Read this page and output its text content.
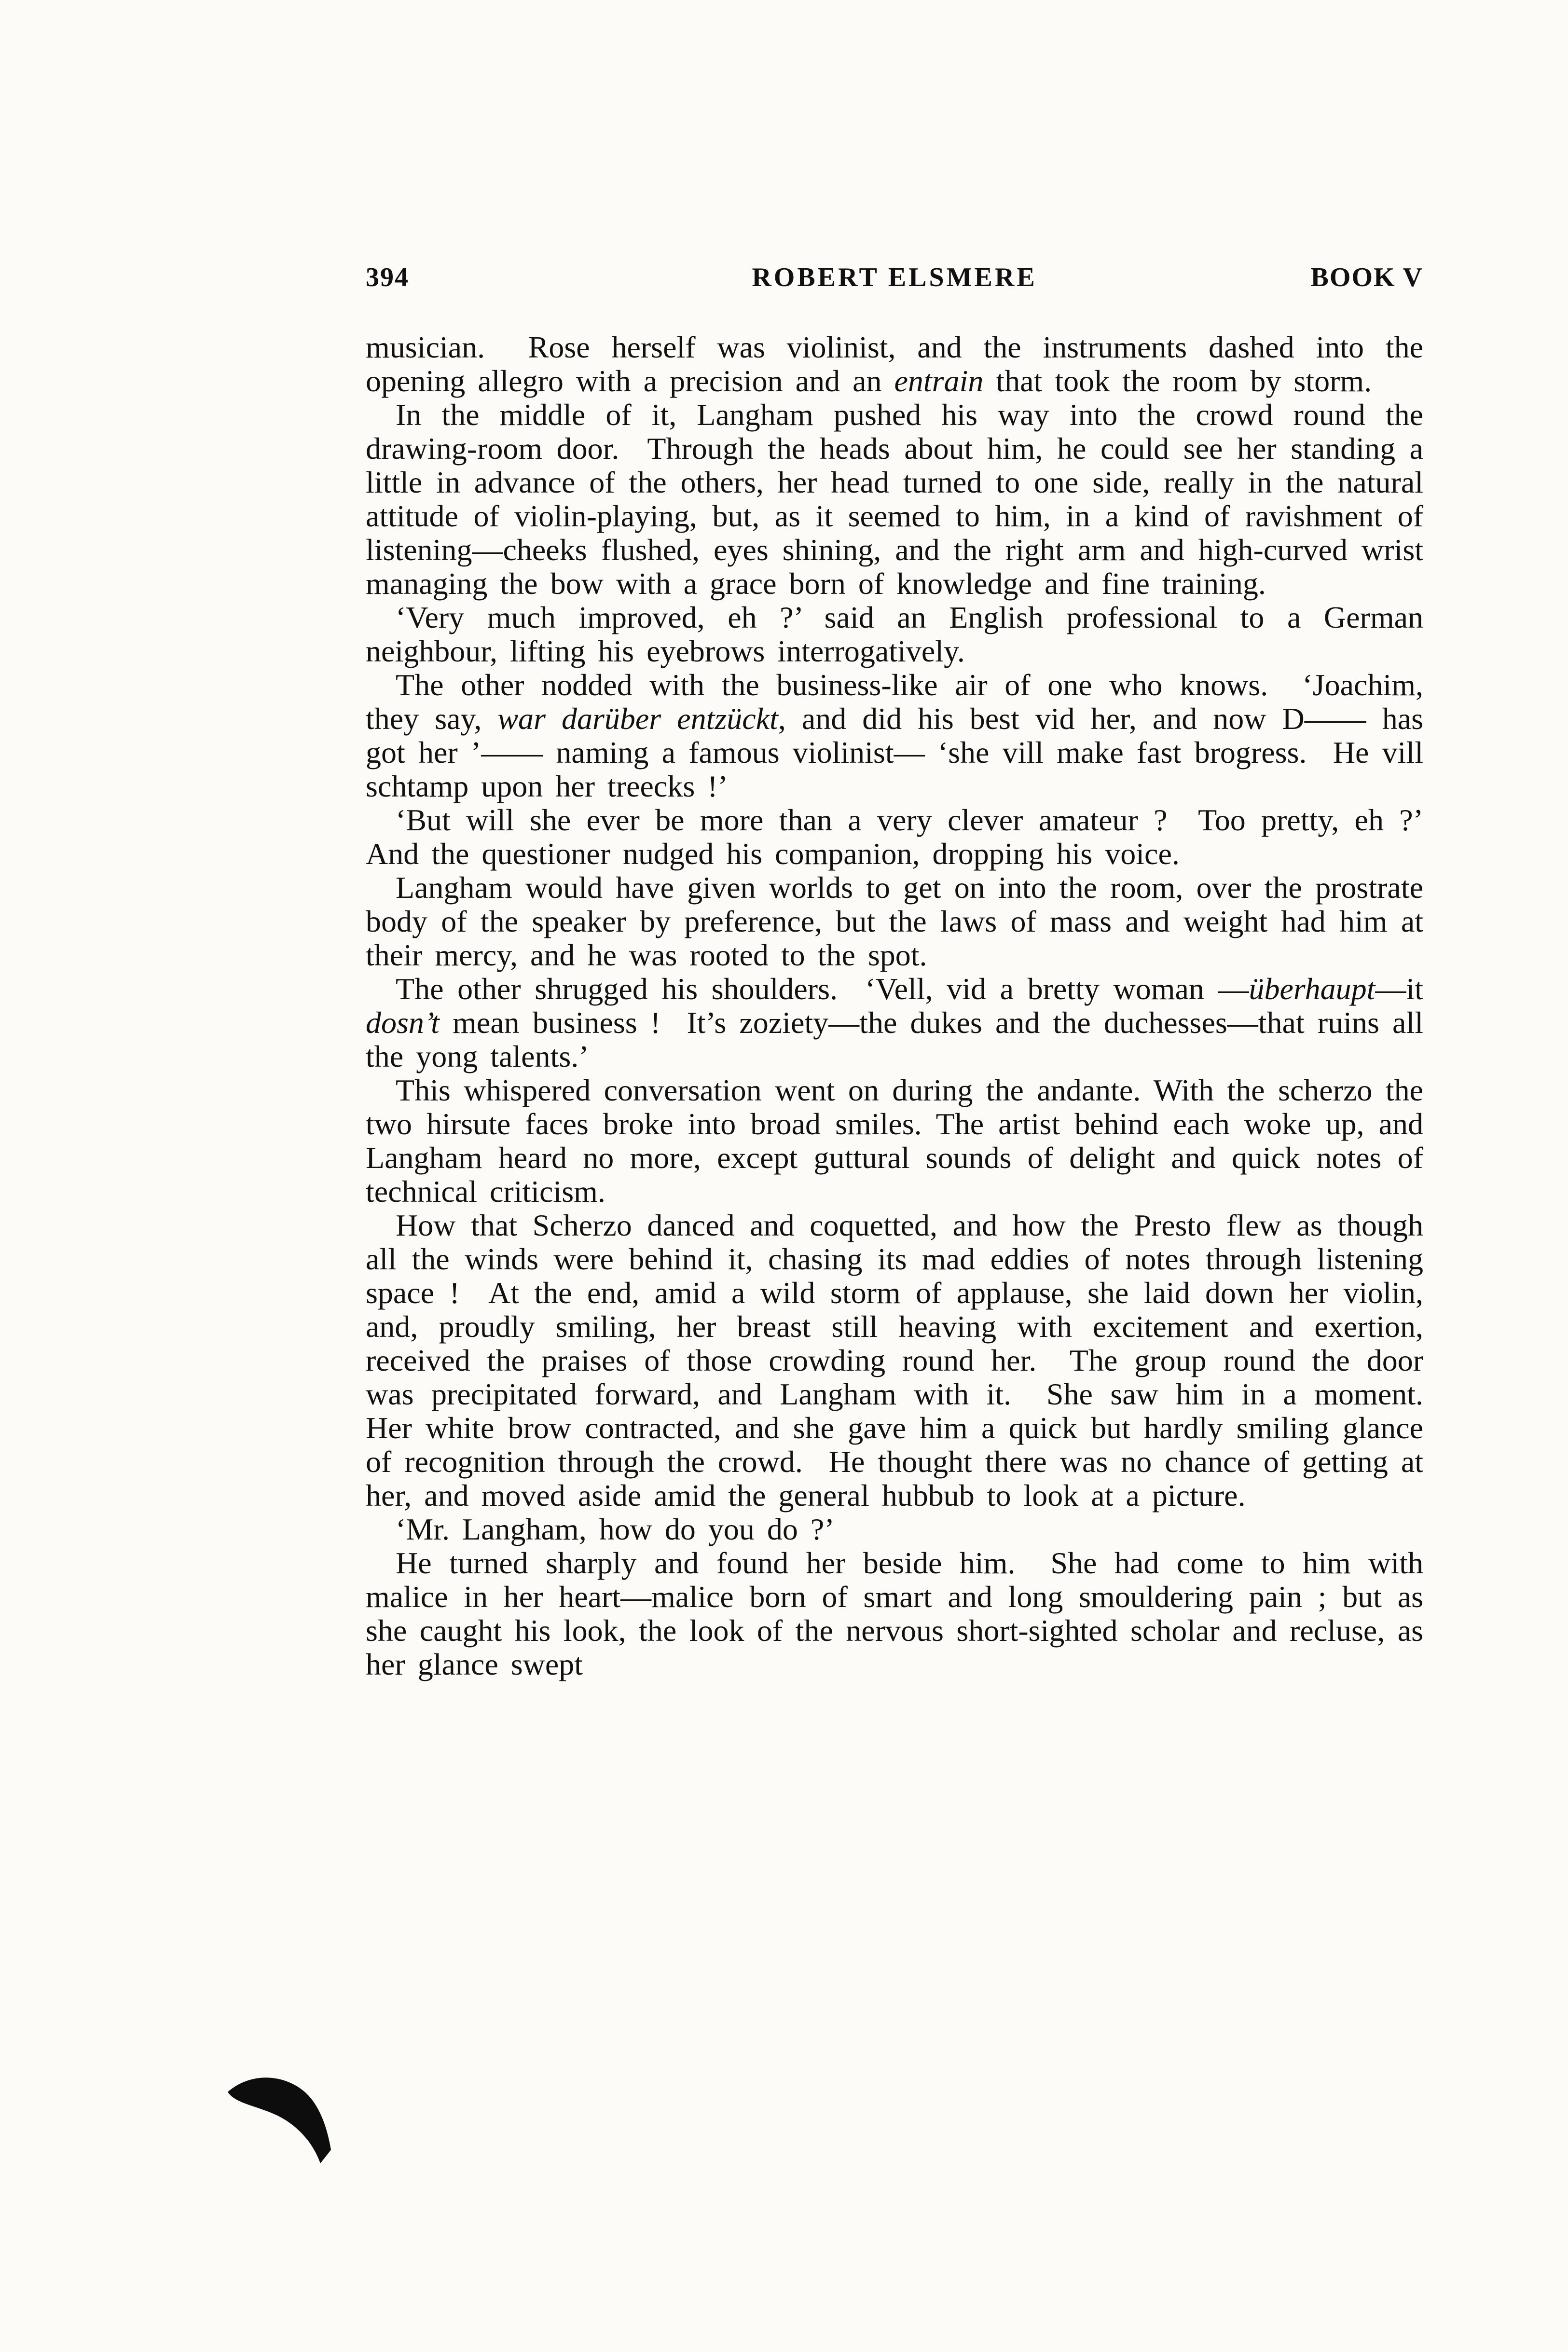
394	ROBERT ELSMERE	BOOK V

musician.  Rose herself was violinist, and the instruments dashed into the opening allegro with a precision and an entrain that took the room by storm.

In the middle of it, Langham pushed his way into the crowd round the drawing-room door.  Through the heads about him, he could see her standing a little in advance of the others, her head turned to one side, really in the natural attitude of violin-playing, but, as it seemed to him, in a kind of ravishment of listening—cheeks flushed, eyes shining, and the right arm and high-curved wrist managing the bow with a grace born of knowledge and fine training.

‘Very much improved, eh ?’ said an English professional to a German neighbour, lifting his eyebrows interrogatively.

The other nodded with the business-like air of one who knows.  ‘Joachim, they say, war darüber entzückt, and did his best vid her, and now D—— has got her ’—— naming a famous violinist— ‘she vill make fast brogress.  He vill schtamp upon her treecks !’

‘But will she ever be more than a very clever amateur ?  Too pretty, eh ?’  And the questioner nudged his companion, dropping his voice.

Langham would have given worlds to get on into the room, over the prostrate body of the speaker by preference, but the laws of mass and weight had him at their mercy, and he was rooted to the spot.

The other shrugged his shoulders.  ‘Vell, vid a bretty woman —überhaupt—it dosn’t mean business !  It’s zoziety—the dukes and the duchesses—that ruins all the yong talents.’

This whispered conversation went on during the andante. With the scherzo the two hirsute faces broke into broad smiles. The artist behind each woke up, and Langham heard no more, except guttural sounds of delight and quick notes of technical criticism.

How that Scherzo danced and coquetted, and how the Presto flew as though all the winds were behind it, chasing its mad eddies of notes through listening space !  At the end, amid a wild storm of applause, she laid down her violin, and, proudly smiling, her breast still heaving with excitement and exertion, received the praises of those crowding round her.  The group round the door was precipitated forward, and Langham with it.  She saw him in a moment.  Her white brow contracted, and she gave him a quick but hardly smiling glance of recognition through the crowd.  He thought there was no chance of getting at her, and moved aside amid the general hubbub to look at a picture.

‘Mr. Langham, how do you do ?’

He turned sharply and found her beside him.  She had come to him with malice in her heart—malice born of smart and long smouldering pain ; but as she caught his look, the look of the nervous short-sighted scholar and recluse, as her glance swept
